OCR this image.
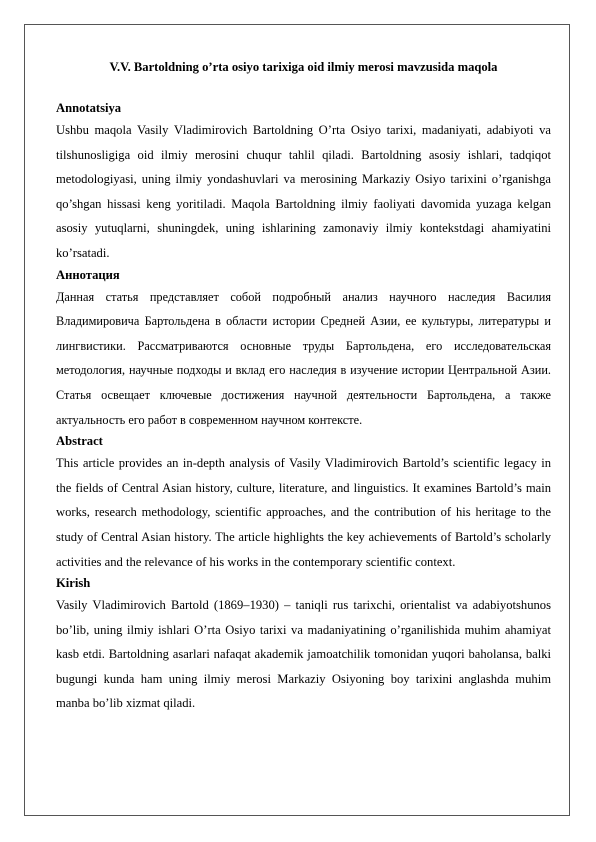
V.V. Bartoldning o’rta osiyo tarixiga oid ilmiy merosi mavzusida maqola
Annotatsiya

Ushbu maqola Vasily Vladimirovich Bartoldning O’rta Osiyo tarixi, madaniyati, adabiyoti va tilshunosligiga oid ilmiy merosini chuqur tahlil qiladi. Bartoldning asosiy ishlari, tadqiqot metodologiyasi, uning ilmiy yondashuvlari va merosining Markaziy Osiyo tarixini o’rganishga qo’shgan hissasi keng yoritiladi. Maqola Bartoldning ilmiy faoliyati davomida yuzaga kelgan asosiy yutuqlarni, shuningdek, uning ishlarining zamonaviy ilmiy kontekstdagi ahamiyatini ko’rsatadi.

Аннотация

Данная статья представляет собой подробный анализ научного наследия Василия Владимировича Бартольдена в области истории Средней Азии, ее культуры, литературы и лингвистики. Рассматриваются основные труды Бартольдена, его исследовательская методология, научные подходы и вклад его наследия в изучение истории Центральной Азии. Статья освещает ключевые достижения научной деятельности Бартольдена, а также актуальность его работ в современном научном контексте.

Abstract

This article provides an in-depth analysis of Vasily Vladimirovich Bartold’s scientific legacy in the fields of Central Asian history, culture, literature, and linguistics. It examines Bartold’s main works, research methodology, scientific approaches, and the contribution of his heritage to the study of Central Asian history. The article highlights the key achievements of Bartold’s scholarly activities and the relevance of his works in the contemporary scientific context.

Kirish

Vasily Vladimirovich Bartold (1869–1930) – taniqli rus tarixchi, orientalist va adabiyotshunos bo’lib, uning ilmiy ishlari O’rta Osiyo tarixi va madaniyatining o’rganilishida muhim ahamiyat kasb etdi. Bartoldning asarlari nafaqat akademik jamoatchilik tomonidan yuqori baholansa, balki bugungi kunda ham uning ilmiy merosi Markaziy Osiyoning boy tarixini anglashda muhim manba bo’lib xizmat qiladi.
